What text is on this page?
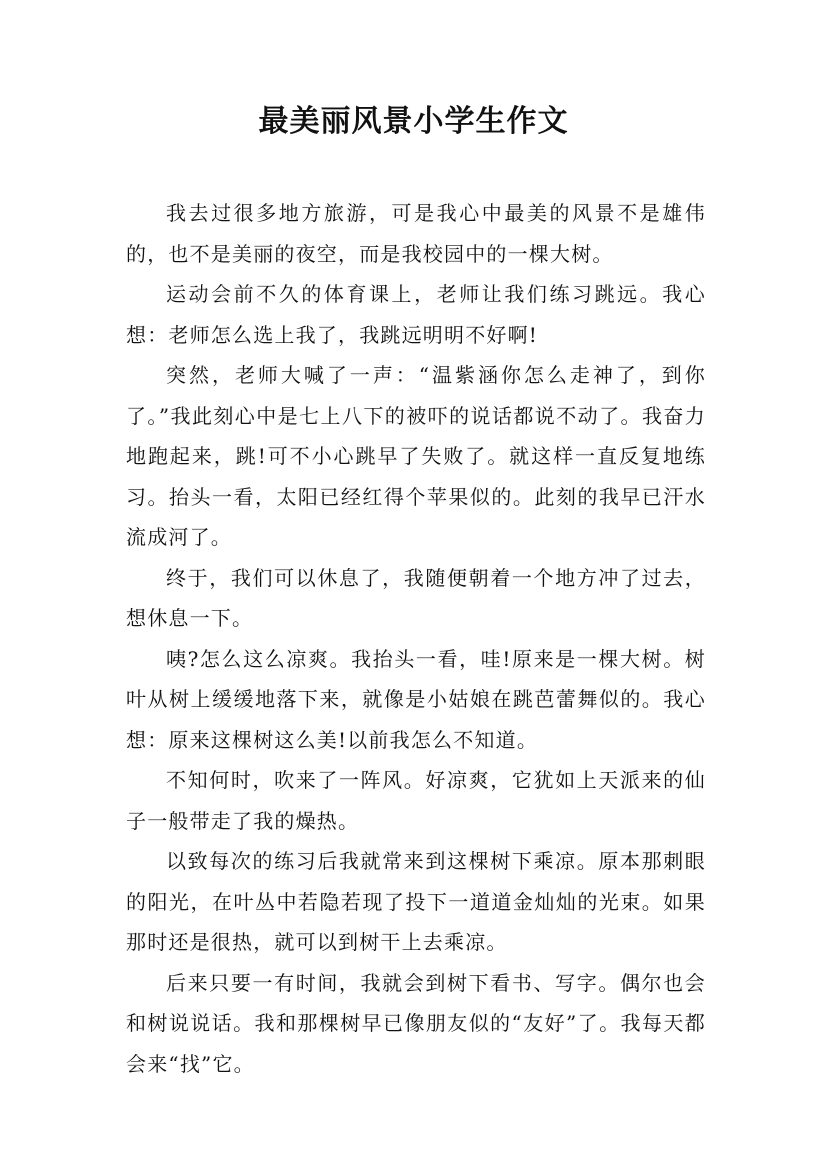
最美丽风景小学生作文

我去过很多地方旅游，可是我心中最美的风景不是雄伟的，也不是美丽的夜空，而是我校园中的一棵大树。

运动会前不久的体育课上，老师让我们练习跳远。我心想：老师怎么选上我了，我跳远明明不好啊!

突然，老师大喊了一声：“温紫涵你怎么走神了，到你了。”我此刻心中是七上八下的被吓的说话都说不动了。我奋力地跑起来，跳!可不小心跳早了失败了。就这样一直反复地练习。抬头一看，太阳已经红得个苹果似的。此刻的我早已汗水流成河了。

终于，我们可以休息了，我随便朝着一个地方冲了过去，想休息一下。

咦?怎么这么凉爽。我抬头一看，哇!原来是一棵大树。树叶从树上缓缓地落下来，就像是小姑娘在跳芭蕾舞似的。我心想：原来这棵树这么美!以前我怎么不知道。

不知何时，吹来了一阵风。好凉爽，它犹如上天派来的仙子一般带走了我的燥热。

以致每次的练习后我就常来到这棵树下乘凉。原本那刺眼的阳光，在叶丛中若隐若现了投下一道道金灿灿的光束。如果那时还是很热，就可以到树干上去乘凉。

后来只要一有时间，我就会到树下看书、写字。偶尔也会和树说说话。我和那棵树早已像朋友似的“友好”了。我每天都会来“找”它。
